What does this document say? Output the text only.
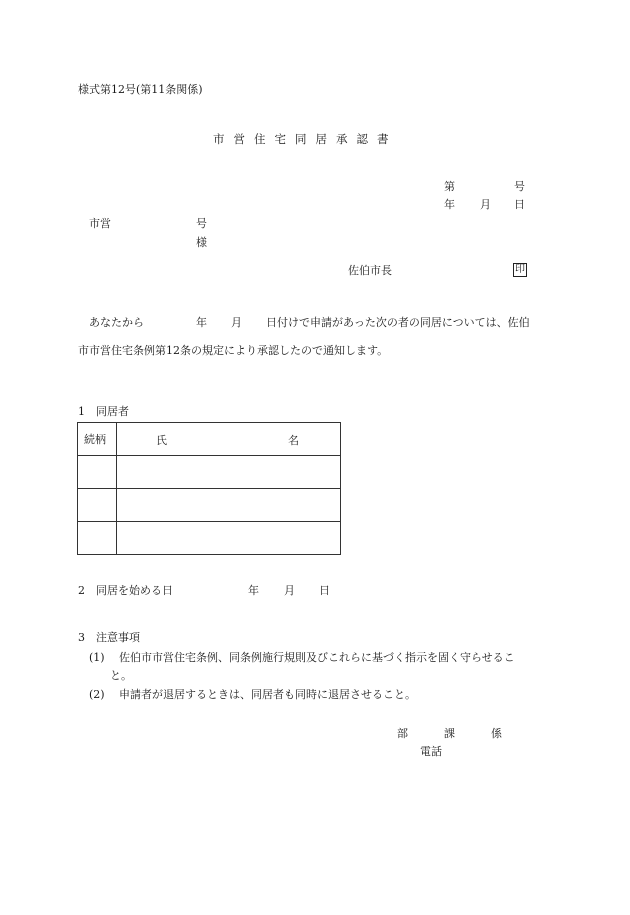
様式第12号(第11条関係)
市営住宅同居承認書
第	号
年 月 日
市営	号
様
佐伯市長	印
あなたから	年 月 日付けで申請があった次の者の同居については、佐伯
市市営住宅条例第12条の規定により承認したので通知します。
1　同居者
続柄	氏 名

2　同居を始める日	年 月 日
3　注意事項
(1) 佐伯市市営住宅条例、同条例施行規則及びこれらに基づく指示を固く守らせるこ
と。
(2) 申請者が退居するときは、同居者も同時に退居させること。
部	課	係
電話
